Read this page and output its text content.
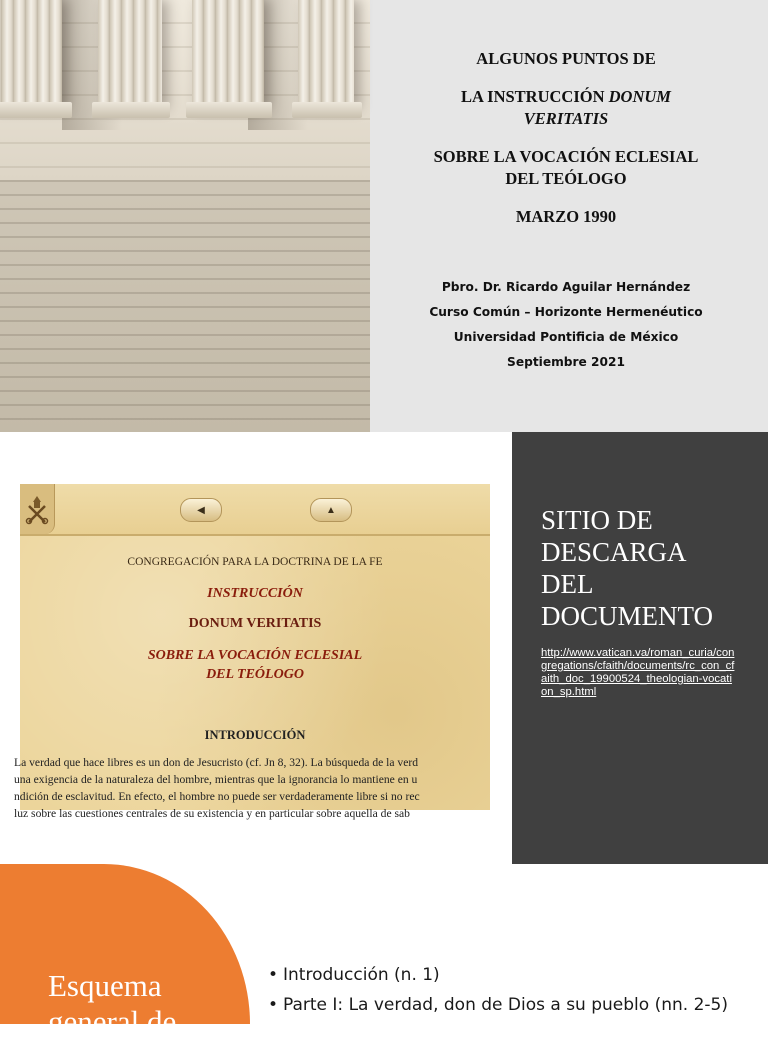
ALGUNOS PUNTOS DE
LA INSTRUCCIÓN DONUM
VERITATIS
SOBRE LA VOCACIÓN ECLESIAL
DEL TEÓLOGO
MARZO 1990
Pbro. Dr. Ricardo Aguilar Hernández
Curso Común – Horizonte Hermenéutico
Universidad Pontificia de México
Septiembre 2021
◀	▲
CONGREGACIÓN PARA LA DOCTRINA DE LA FE
INSTRUCCIÓN
DONUM VERITATIS
SOBRE LA VOCACIÓN ECLESIAL
DEL TEÓLOGO
INTRODUCCIÓN
La verdad que hace libres es un don de Jesucristo (cf. Jn 8, 32). La búsqueda de la verd
una exigencia de la naturaleza del hombre, mientras que la ignorancia lo mantiene en u
ndición de esclavitud. En efecto, el hombre no puede ser verdaderamente libre si no rec
luz sobre las cuestiones centrales de su existencia y en particular sobre aquella de sab
SITIO DE
DESCARGA
DEL
DOCUMENTO
http://www.vatican.va/roman_curia/congregations/cfaith/documents/rc_con_cfaith_doc_19900524_theologian-vocation_sp.html
Esquema
general de
• Introducción (n. 1)
• Parte I: La verdad, don de Dios a su pueblo (nn. 2-5)
